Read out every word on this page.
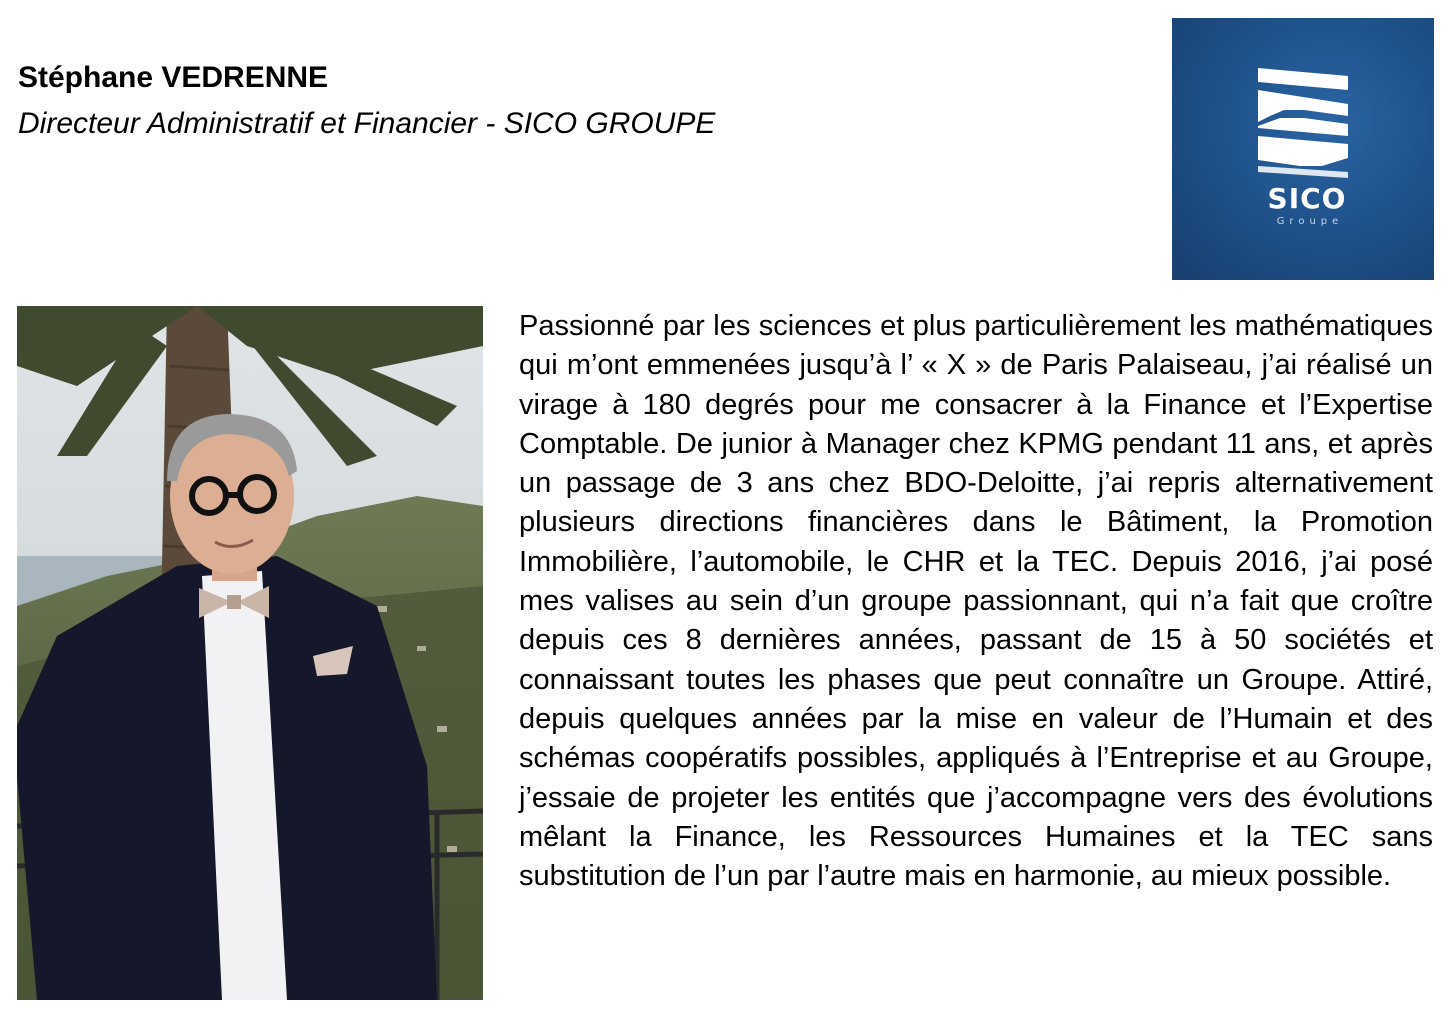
Stéphane VEDRENNE
Directeur Administratif et Financier - SICO GROUPE
SICO
Groupe
Passionné par les sciences et plus particulièrement les mathématiques qui m’ont emmenées jusqu’à l’ « X » de Paris Palaiseau, j’ai réalisé un virage à 180 degrés pour me consacrer à la Finance et l’Expertise Comptable. De junior à Manager chez KPMG pendant 11 ans, et après un passage de 3 ans chez BDO-Deloitte, j’ai repris alternativement plusieurs directions financières dans le Bâtiment, la Promotion Immobilière, l’automobile, le CHR et la TEC. Depuis 2016, j’ai posé mes valises au sein d’un groupe passionnant, qui n’a fait que croître depuis ces 8 dernières années, passant de 15 à 50 sociétés et connaissant toutes les phases que peut connaître un Groupe. Attiré, depuis quelques années par la mise en valeur de l’Humain et des schémas coopératifs possibles, appliqués à l’Entreprise et au Groupe, j’essaie de projeter les entités que j’accompagne vers des évolutions mêlant la Finance, les Ressources Humaines et la TEC sans substitution de l’un par l’autre mais en harmonie, au mieux possible.
